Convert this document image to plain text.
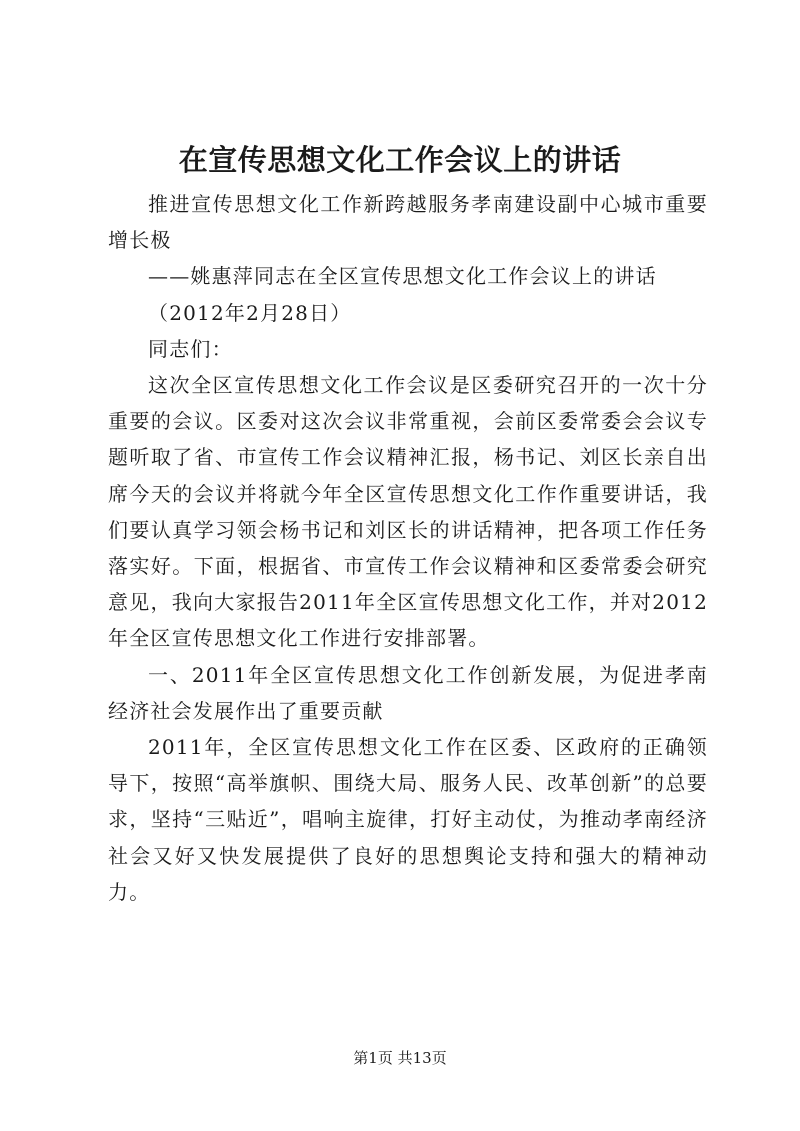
在宣传思想文化工作会议上的讲话

推进宣传思想文化工作新跨越服务孝南建设副中心城市重要增长极

——姚惠萍同志在全区宣传思想文化工作会议上的讲话

（2012年2月28日）

同志们：

这次全区宣传思想文化工作会议是区委研究召开的一次十分重要的会议。区委对这次会议非常重视，会前区委常委会会议专题听取了省、市宣传工作会议精神汇报，杨书记、刘区长亲自出席今天的会议并将就今年全区宣传思想文化工作作重要讲话，我们要认真学习领会杨书记和刘区长的讲话精神，把各项工作任务落实好。下面，根据省、市宣传工作会议精神和区委常委会研究意见，我向大家报告2011年全区宣传思想文化工作，并对2012年全区宣传思想文化工作进行安排部署。

一、2011年全区宣传思想文化工作创新发展，为促进孝南经济社会发展作出了重要贡献

2011年，全区宣传思想文化工作在区委、区政府的正确领导下，按照“高举旗帜、围绕大局、服务人民、改革创新”的总要求，坚持“三贴近”，唱响主旋律，打好主动仗，为推动孝南经济社会又好又快发展提供了良好的思想舆论支持和强大的精神动力。

第1页 共13页
